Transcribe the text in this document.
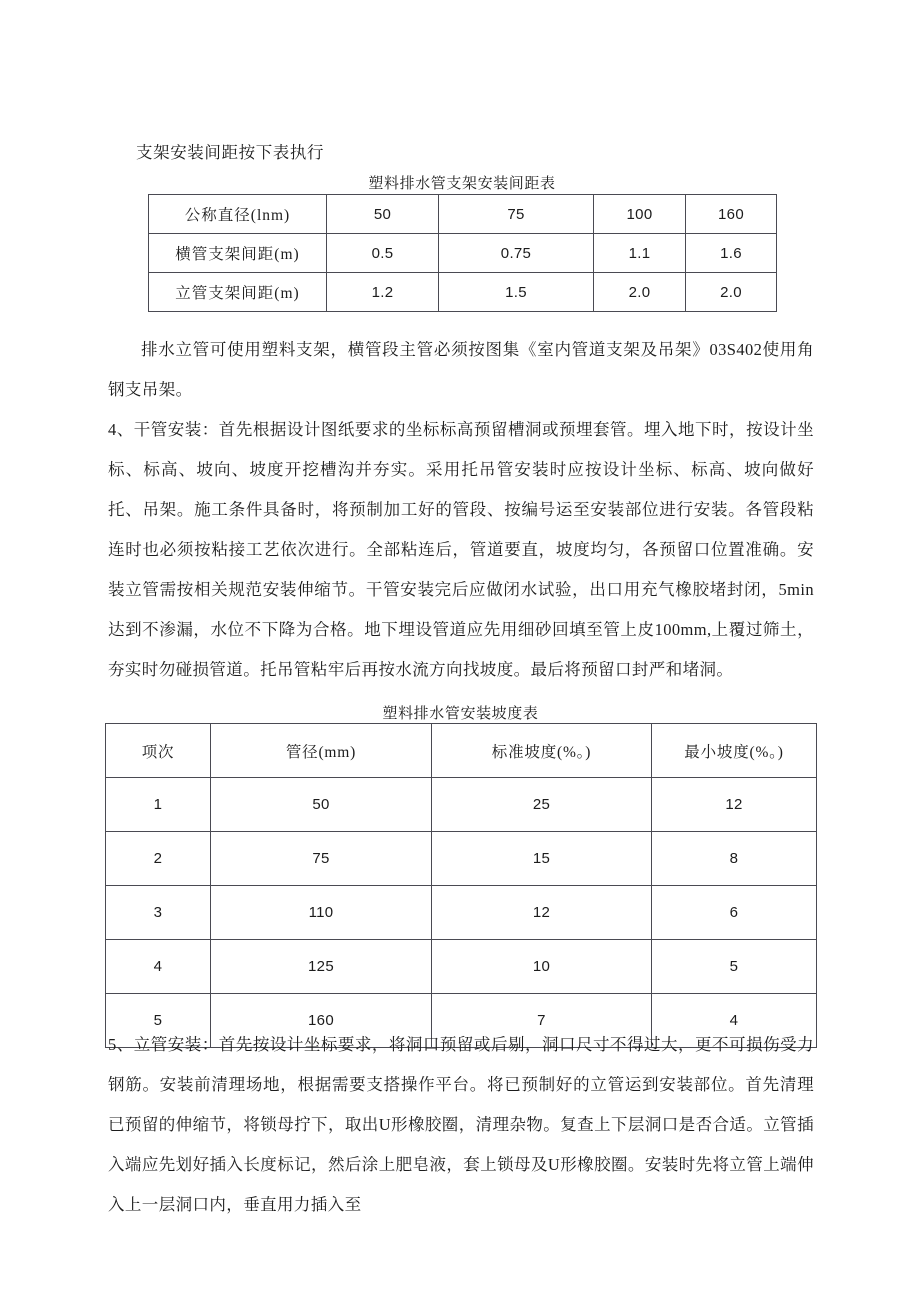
支架安装间距按下表执行
塑料排水管支架安装间距表
公称直径(lnm)	50	75	100	160
横管支架间距(m)	0.5	0.75	1.1	1.6
立管支架间距(m)	1.2	1.5	2.0	2.0
排水立管可使用塑料支架，横管段主管必须按图集《室内管道支架及吊架》03S402使用角钢支吊架。
4、干管安装：首先根据设计图纸要求的坐标标高预留槽洞或预埋套管。埋入地下时，按设计坐标、标高、坡向、坡度开挖槽沟并夯实。采用托吊管安装时应按设计坐标、标高、坡向做好托、吊架。施工条件具备时，将预制加工好的管段、按编号运至安装部位进行安装。各管段粘连时也必须按粘接工艺依次进行。全部粘连后，管道要直，坡度均匀，各预留口位置准确。安装立管需按相关规范安装伸缩节。干管安装完后应做闭水试验，出口用充气橡胶堵封闭，5min达到不渗漏，水位不下降为合格。地下埋设管道应先用细砂回填至管上皮100mm,上覆过筛土，夯实时勿碰损管道。托吊管粘牢后再按水流方向找坡度。最后将预留口封严和堵洞。
塑料排水管安装坡度表
项次	管径(mm)	标准坡度(%。)	最小坡度(%。)
1	50	25	12
2	75	15	8
3	110	12	6
4	125	10	5
5	160	7	4
5、立管安装：首先按设计坐标要求，将洞口预留或后剔，洞口尺寸不得过大，更不可损伤受力钢筋。安装前清理场地，根据需要支搭操作平台。将已预制好的立管运到安装部位。首先清理已预留的伸缩节，将锁母拧下，取出U形橡胶圈，清理杂物。复查上下层洞口是否合适。立管插入端应先划好插入长度标记，然后涂上肥皂液，套上锁母及U形橡胶圈。安装时先将立管上端伸入上一层洞口内，垂直用力插入至
